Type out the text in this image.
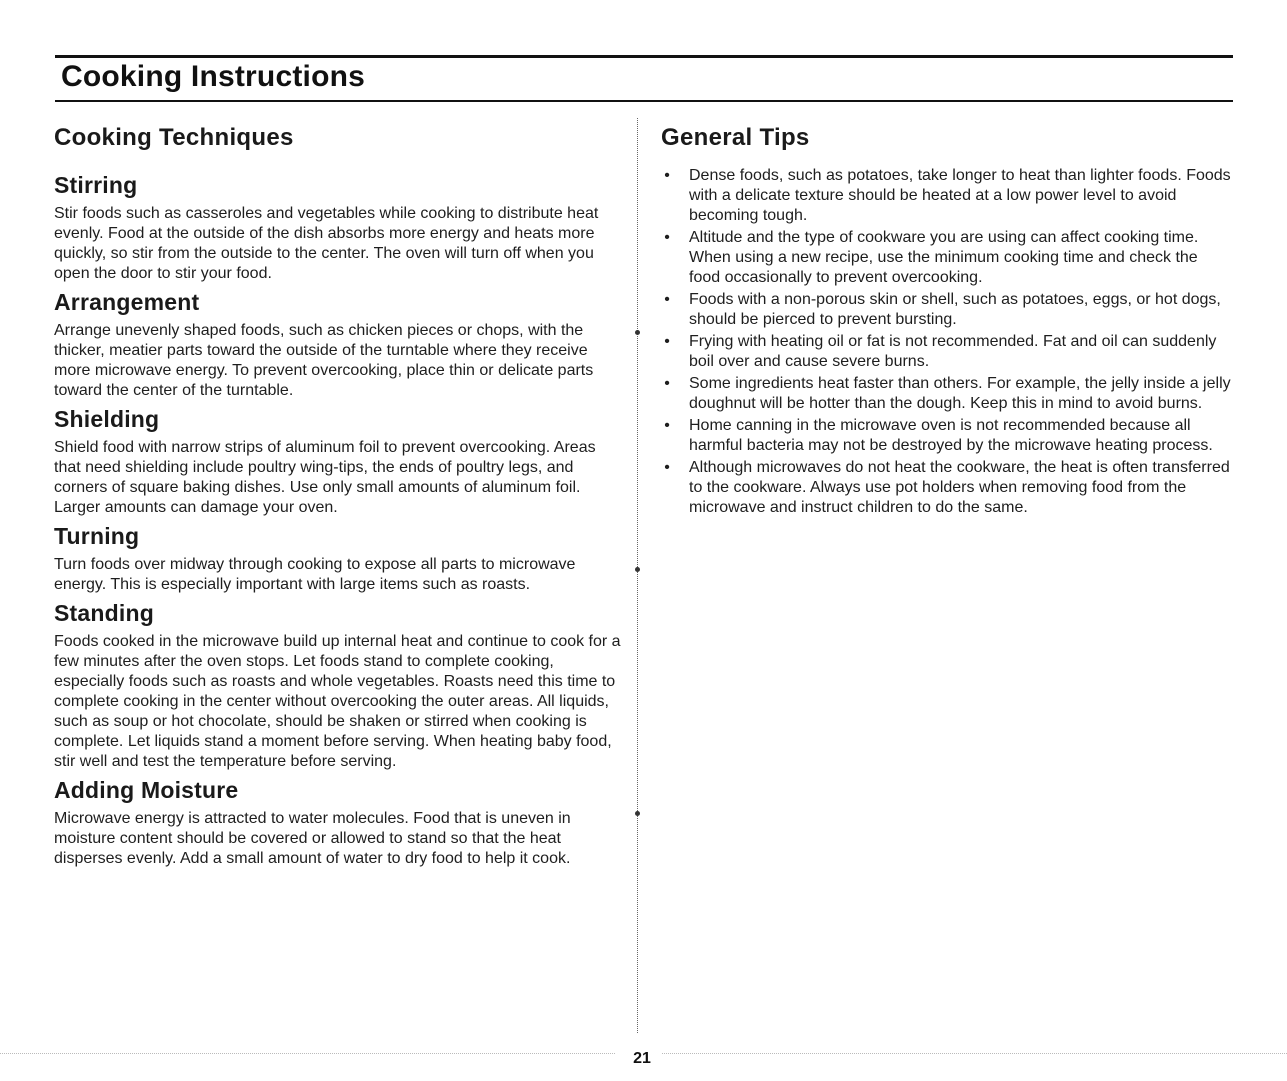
Cooking Instructions
Cooking Techniques
Stirring

Stir foods such as casseroles and vegetables while cooking to distribute heat evenly. Food at the outside of the dish absorbs more energy and heats more quickly, so stir from the outside to the center. The oven will turn off when you open the door to stir your food.

Arrangement

Arrange unevenly shaped foods, such as chicken pieces or chops, with the thicker, meatier parts toward the outside of the turntable where they receive more microwave energy. To prevent overcooking, place thin or delicate parts toward the center of the turntable.

Shielding

Shield food with narrow strips of aluminum foil to prevent overcooking. Areas that need shielding include poultry wing-tips, the ends of poultry legs, and corners of square baking dishes. Use only small amounts of aluminum foil. Larger amounts can damage your oven.

Turning

Turn foods over midway through cooking to expose all parts to microwave energy. This is especially important with large items such as roasts.

Standing

Foods cooked in the microwave build up internal heat and continue to cook for a few minutes after the oven stops. Let foods stand to complete cooking, especially foods such as roasts and whole vegetables. Roasts need this time to complete cooking in the center without overcooking the outer areas. All liquids, such as soup or hot chocolate, should be shaken or stirred when cooking is complete. Let liquids stand a moment before serving. When heating baby food, stir well and test the temperature before serving.

Adding Moisture

Microwave energy is attracted to water molecules. Food that is uneven in moisture content should be covered or allowed to stand so that the heat disperses evenly. Add a small amount of water to dry food to help it cook.

General Tips
• Dense foods, such as potatoes, take longer to heat than lighter foods. Foods with a delicate texture should be heated at a low power level to avoid becoming tough.
• Altitude and the type of cookware you are using can affect cooking time. When using a new recipe, use the minimum cooking time and check the food occasionally to prevent overcooking.
• Foods with a non-porous skin or shell, such as potatoes, eggs, or hot dogs, should be pierced to prevent bursting.
• Frying with heating oil or fat is not recommended. Fat and oil can suddenly boil over and cause severe burns.
• Some ingredients heat faster than others. For example, the jelly inside a jelly doughnut will be hotter than the dough. Keep this in mind to avoid burns.
• Home canning in the microwave oven is not recommended because all harmful bacteria may not be destroyed by the microwave heating process.
• Although microwaves do not heat the cookware, the heat is often transferred to the cookware. Always use pot holders when removing food from the microwave and instruct children to do the same.
21
